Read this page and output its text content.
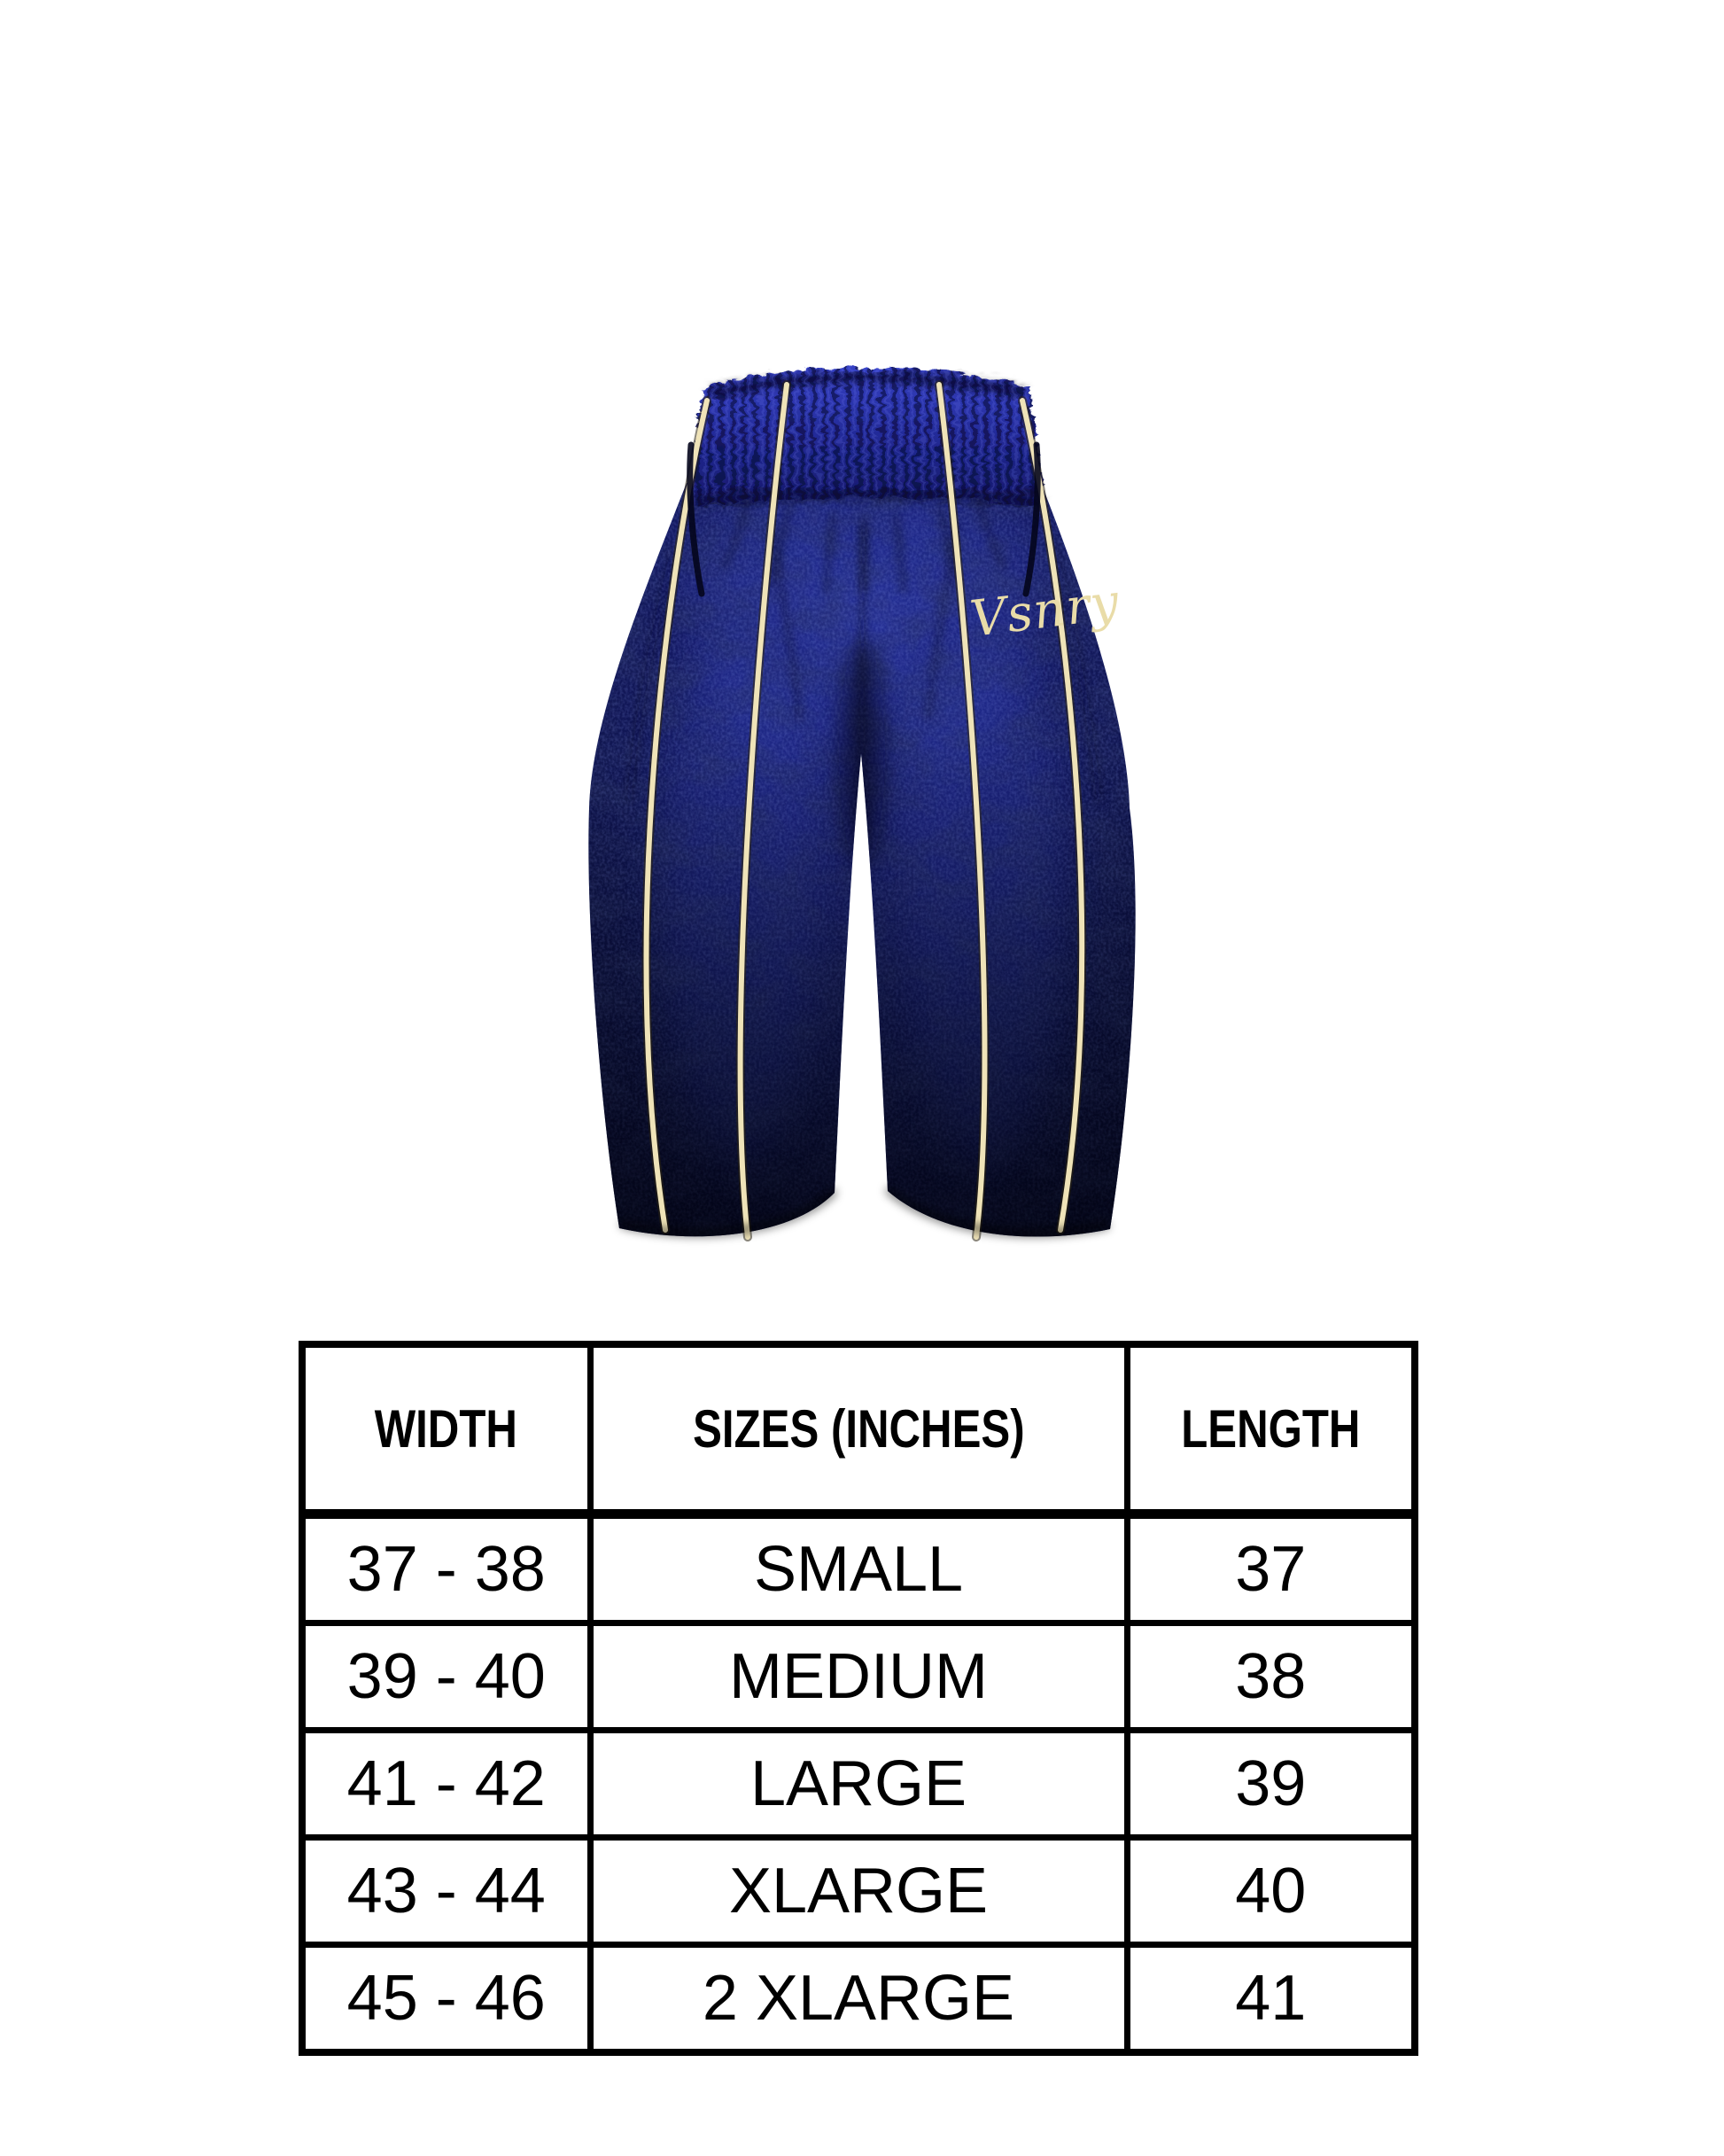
Vsnry
WIDTH	SIZES (INCHES)	LENGTH
37 - 38	SMALL	37
39 - 40	MEDIUM	38
41 - 42	LARGE	39
43 - 44	XLARGE	40
45 - 46	2 XLARGE	41
